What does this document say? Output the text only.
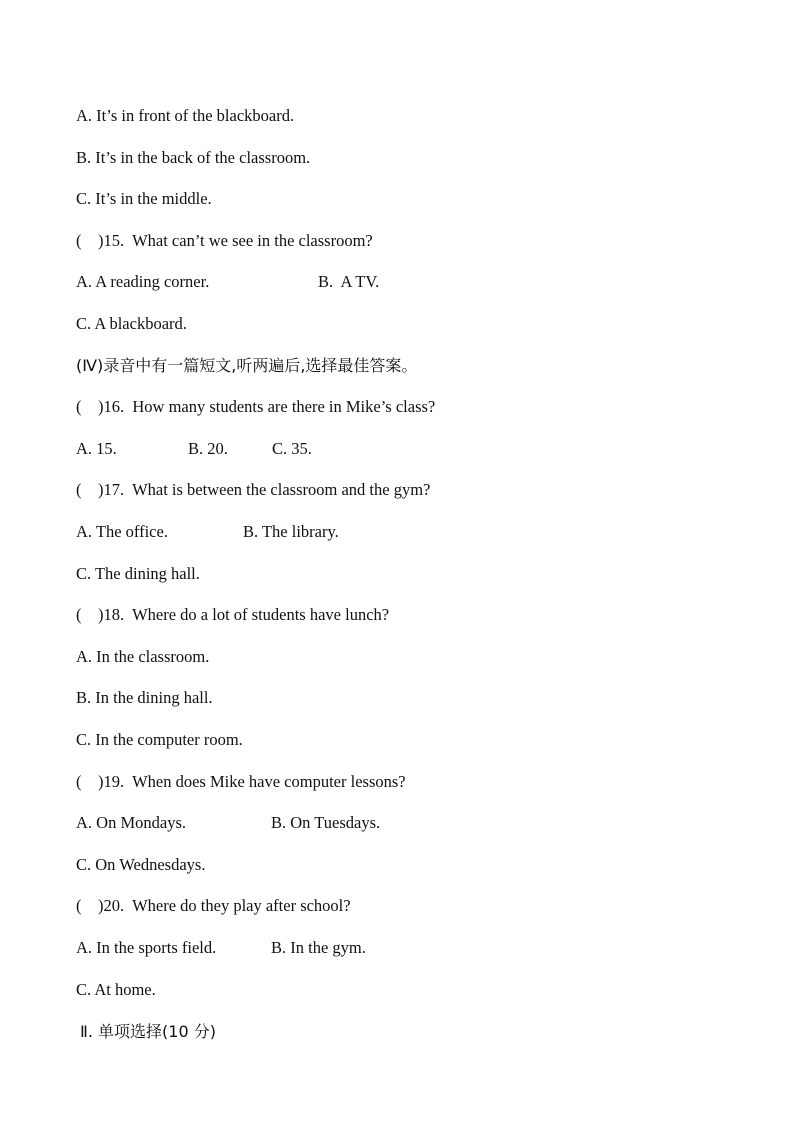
A. It’s in front of the blackboard.
B. It’s in the back of the classroom.
C. It’s in the middle.
(    )15.  What can’t we see in the classroom?
A. A reading corner.	B.  A TV.
C. A blackboard.
(Ⅳ)录音中有一篇短文,听两遍后,选择最佳答案。
(    )16.  How many students are there in Mike’s class?
A. 15.	B. 20.	C. 35.
(    )17.  What is between the classroom and the gym?
A. The office.	B. The library.
C. The dining hall.
(    )18.  Where do a lot of students have lunch?
A. In the classroom.
B. In the dining hall.
C. In the computer room.
(    )19.  When does Mike have computer lessons?
A. On Mondays.	B. On Tuesdays.
C. On Wednesdays.
(    )20.  Where do they play after school?
A. In the sports field.	B. In the gym.
C. At home.
Ⅱ. 单项选择(10 分)
